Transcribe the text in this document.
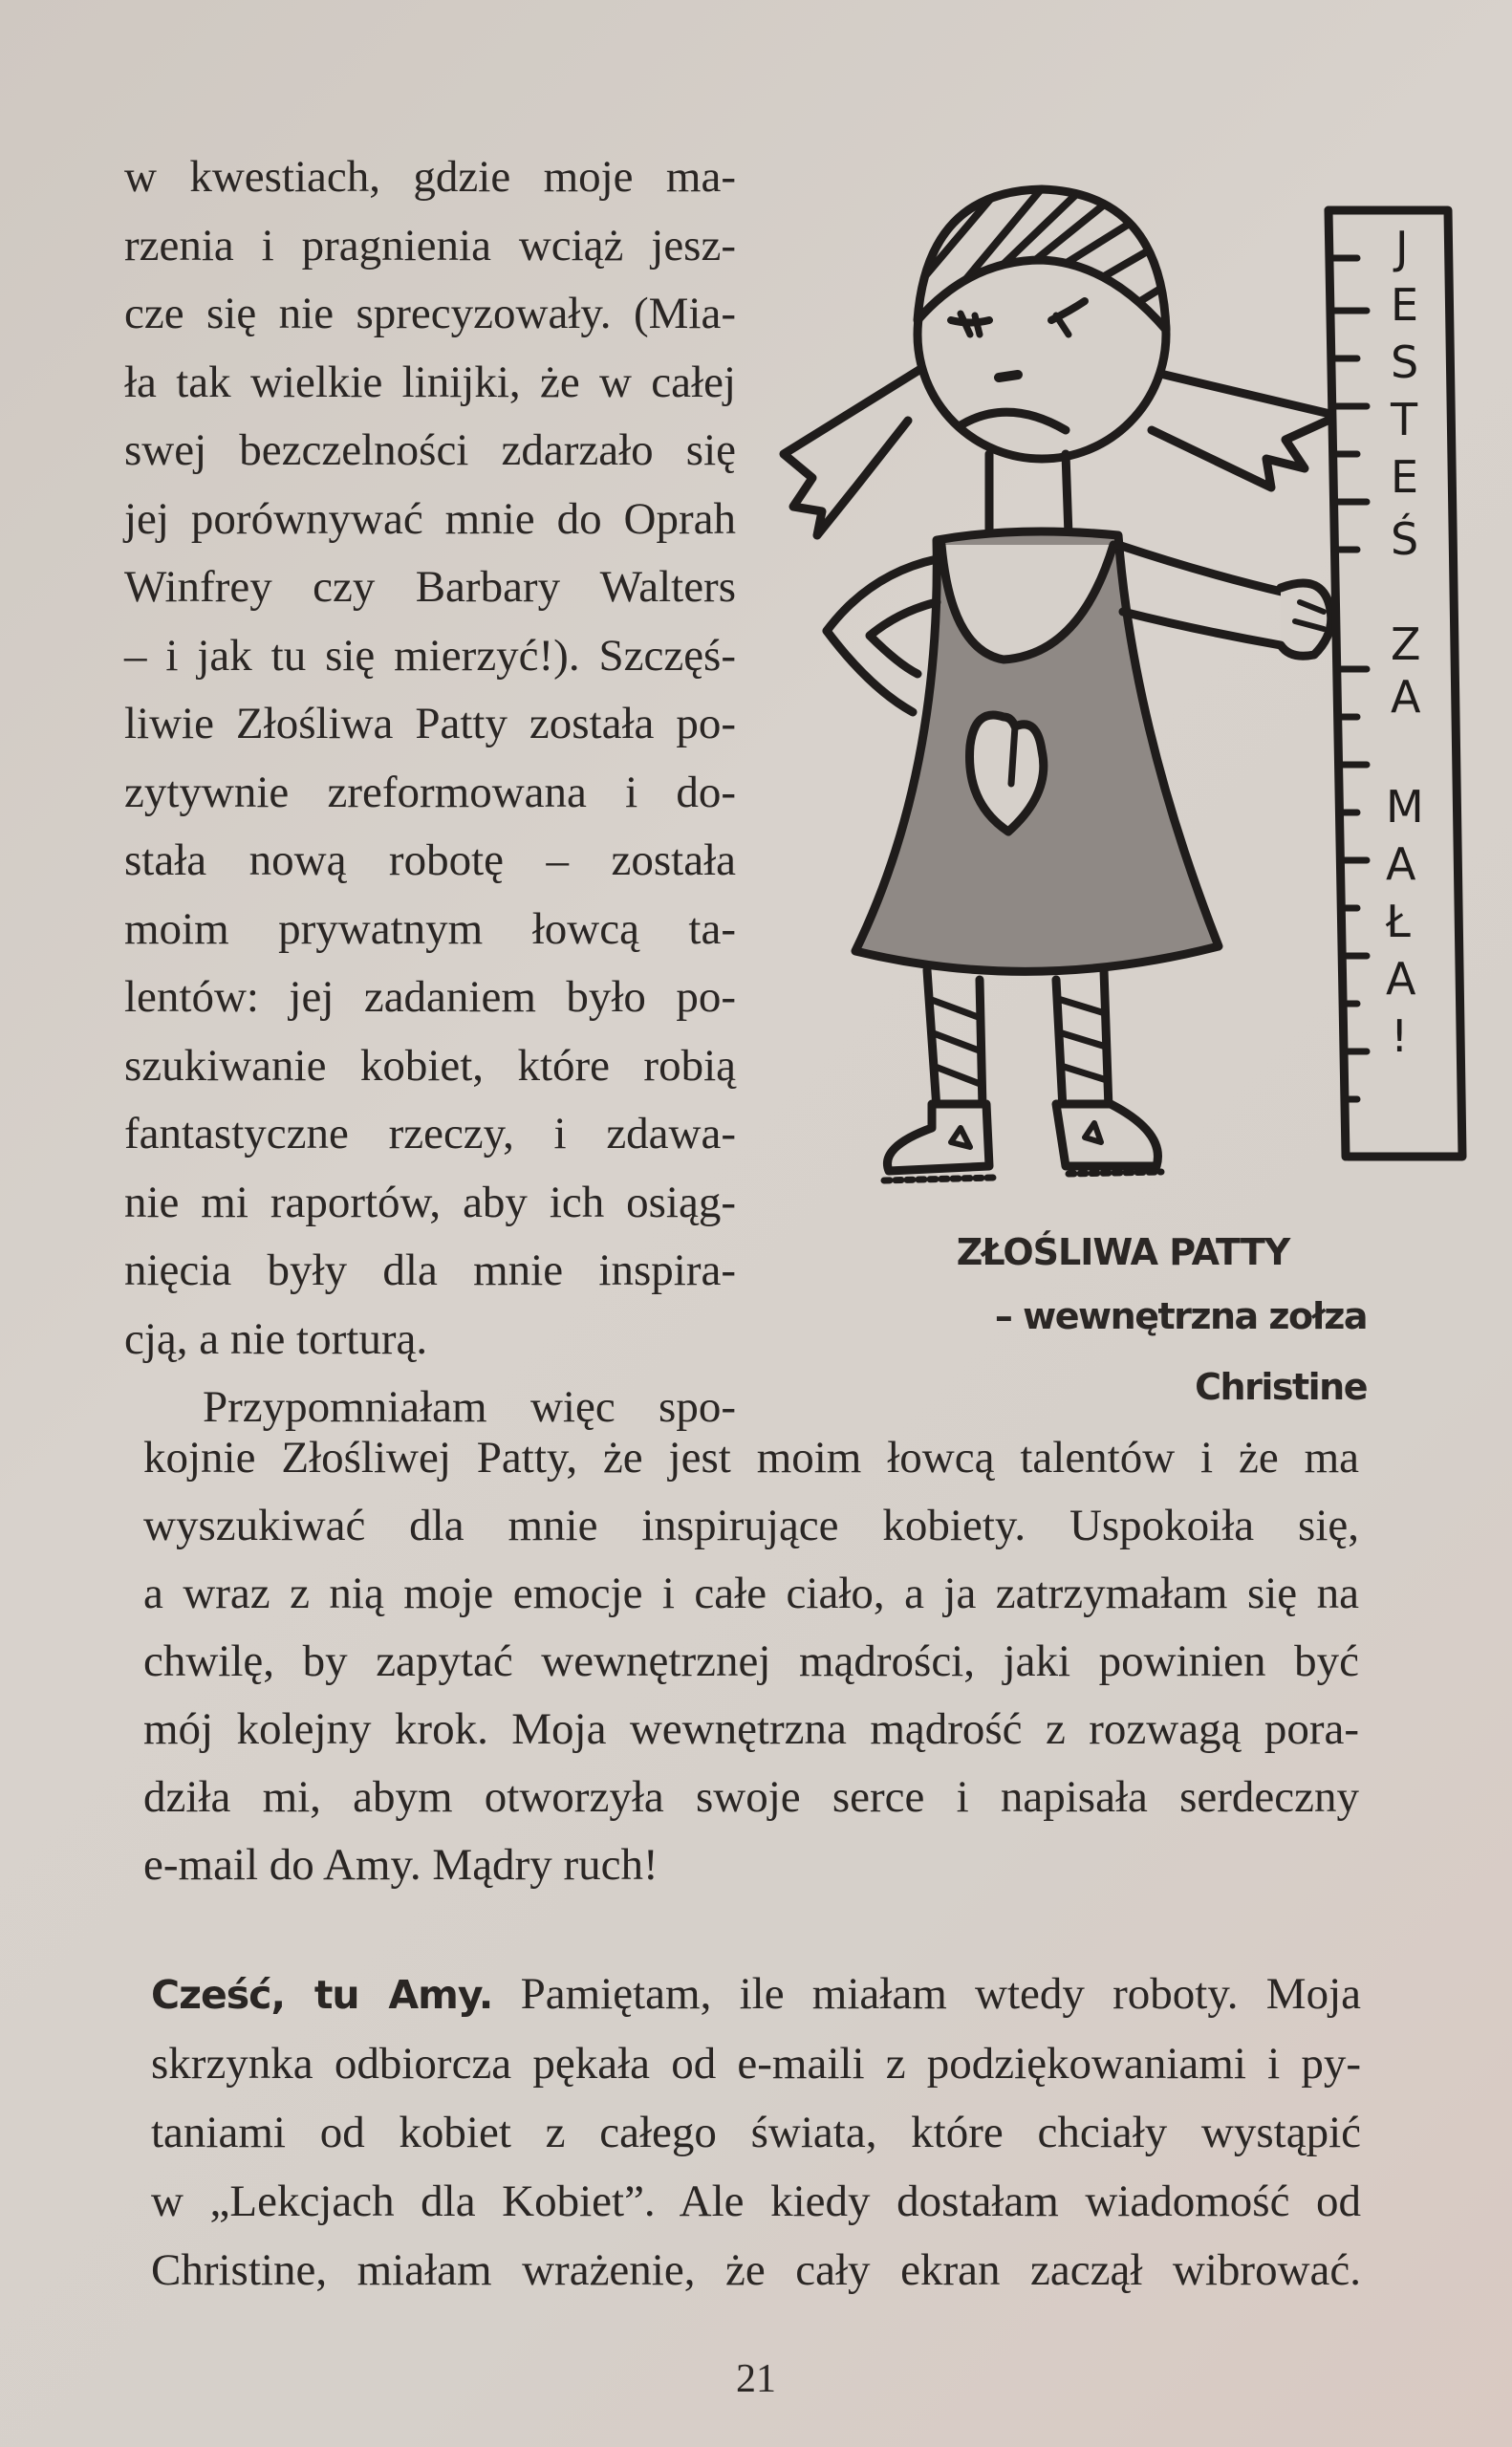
w kwestiach, gdzie moje ma-
rzenia i pragnienia wciąż jesz-
cze się nie sprecyzowały. (Mia-
ła tak wielkie linijki, że w całej
swej bezczelności zdarzało się
jej porównywać mnie do Oprah
Winfrey czy Barbary Walters
– i jak tu się mierzyć!). Szczęś-
liwie Złośliwa Patty została po-
zytywnie zreformowana i do-
stała nową robotę – została
moim prywatnym łowcą ta-
lentów: jej zadaniem było po-
szukiwanie kobiet, które robią
fantastyczne rzeczy, i zdawa-
nie mi raportów, aby ich osiąg-
nięcia były dla mnie inspira-
cją, a nie torturą.
Przypomniałam więc spo-
J
E
S
T
E
Ś
Z
A
M
A
Ł
A
!
ZŁOŚLIWA PATTY
– wewnętrzna zołza Christine
kojnie Złośliwej Patty, że jest moim łowcą talentów i że ma
wyszukiwać dla mnie inspirujące kobiety. Uspokoiła się,
a wraz z nią moje emocje i całe ciało, a ja zatrzymałam się na
chwilę, by zapytać wewnętrznej mądrości, jaki powinien być
mój kolejny krok. Moja wewnętrzna mądrość z rozwagą pora-
dziła mi, abym otworzyła swoje serce i napisała serdeczny
e-mail do Amy. Mądry ruch!
Cześć, tu Amy. Pamiętam, ile miałam wtedy roboty. Moja
skrzynka odbiorcza pękała od e-maili z podziękowaniami i py-
taniami od kobiet z całego świata, które chciały wystąpić
w „Lekcjach dla Kobiet”. Ale kiedy dostałam wiadomość od
Christine, miałam wrażenie, że cały ekran zaczął wibrować.
21
